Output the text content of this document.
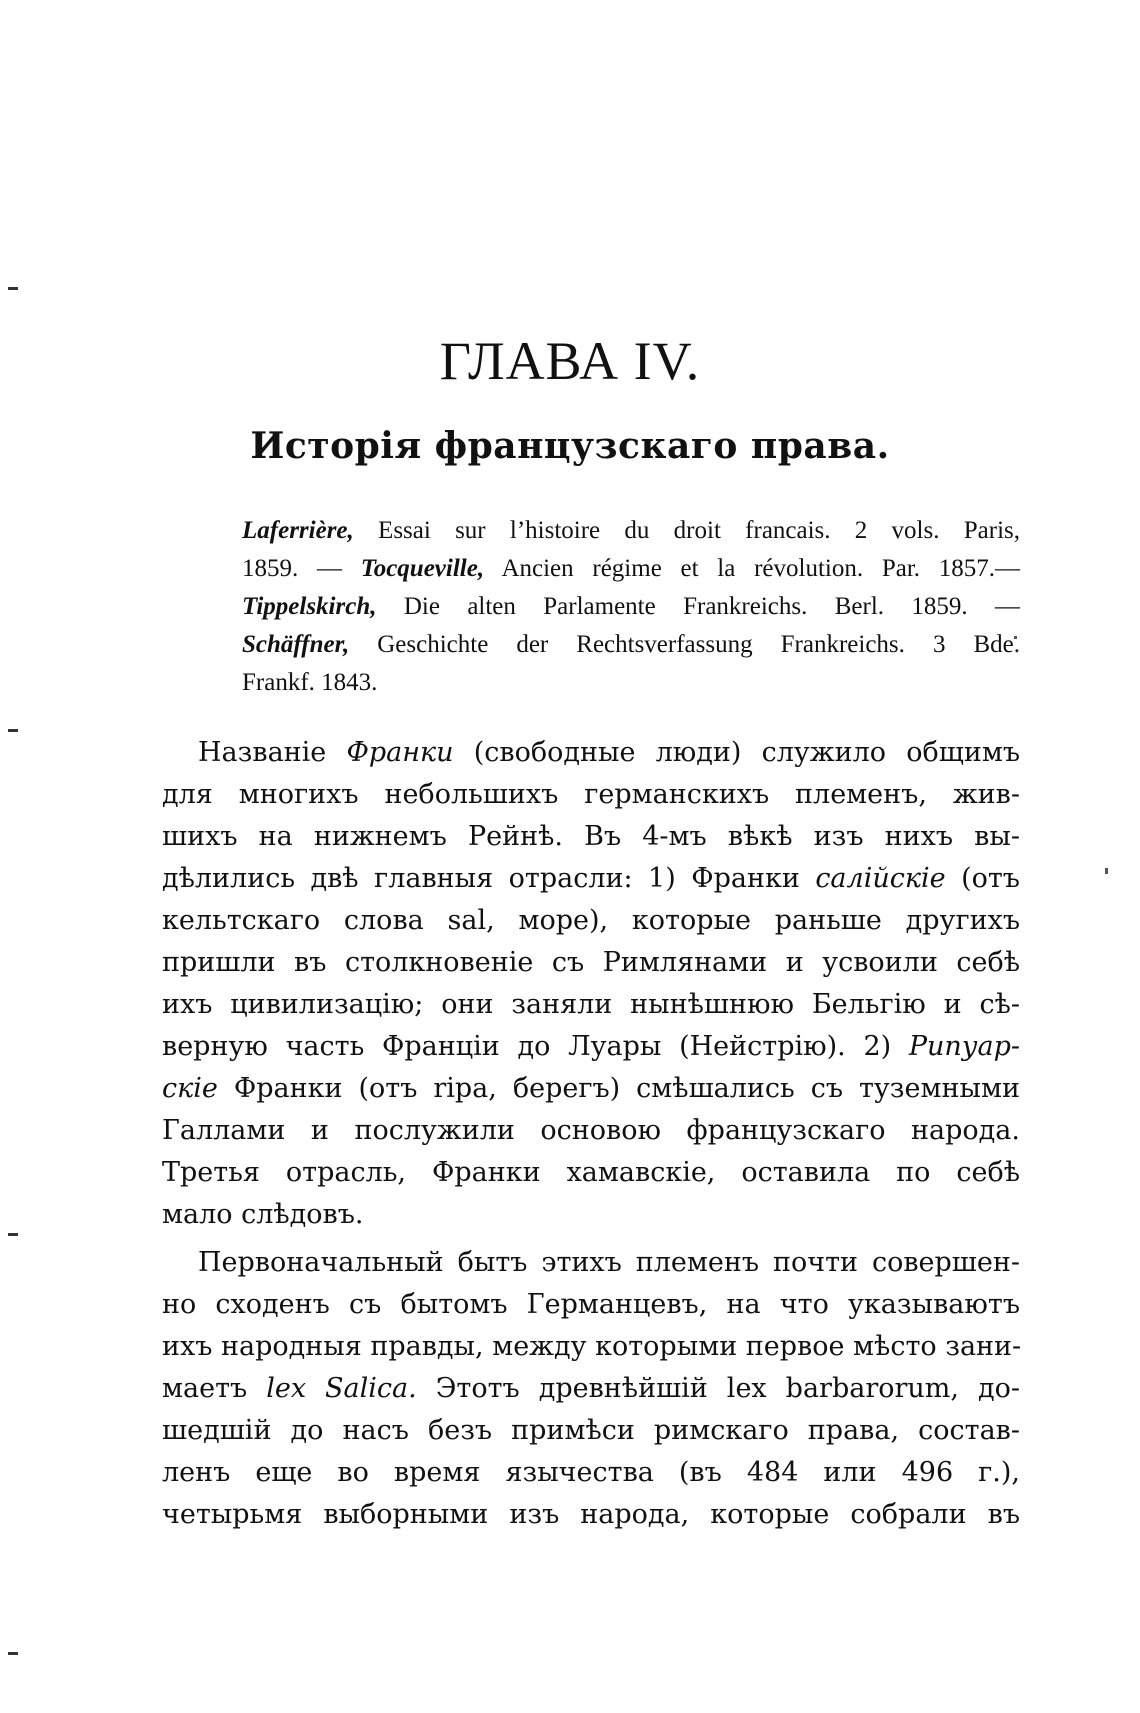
ГЛАВА IV.
Исторія французскаго права.
Laferrière, Essai sur l’histoire du droit francais. 2 vols. Paris,
1859. — Tocqueville, Ancien régime et la révolution. Par. 1857.—
Tippelskirch, Die alten Parlamente Frankreichs. Berl. 1859. —
Schäffner, Geschichte der Rechtsverfassung Frankreichs. 3 Bde.
Frankf. 1843.
Названіе Франки (свободные люди) служило общимъ
для многихъ небольшихъ германскихъ племенъ, жив-
шихъ на нижнемъ Рейнѣ. Въ 4-мъ вѣкѣ изъ нихъ вы-
дѣлились двѣ главныя отрасли: 1) Франки салійскіе (отъ
кельтскаго слова sal, море), которые раньше другихъ
пришли въ столкновеніе съ Римлянами и усвоили себѣ
ихъ цивилизацію; они заняли нынѣшнюю Бельгію и сѣ-
верную часть Франціи до Луары (Нейстрію). 2) Рипуар-
скіе Франки (отъ ripa, берегъ) смѣшались съ туземными
Галлами и послужили основою французскаго народа.
Третья отрасль, Франки хамавскіе, оставила по себѣ
мало слѣдовъ.
Первоначальный бытъ этихъ племенъ почти совершен-
но сходенъ съ бытомъ Германцевъ, на что указываютъ
ихъ народныя правды, между которыми первое мѣсто зани-
маетъ lex Salica. Этотъ древнѣйшій lex barbarorum, до-
шедшій до насъ безъ примѣси римскаго права, состав-
ленъ еще во время язычества (въ 484 или 496 г.),
четырьмя выборными изъ народа, которые собрали въ
